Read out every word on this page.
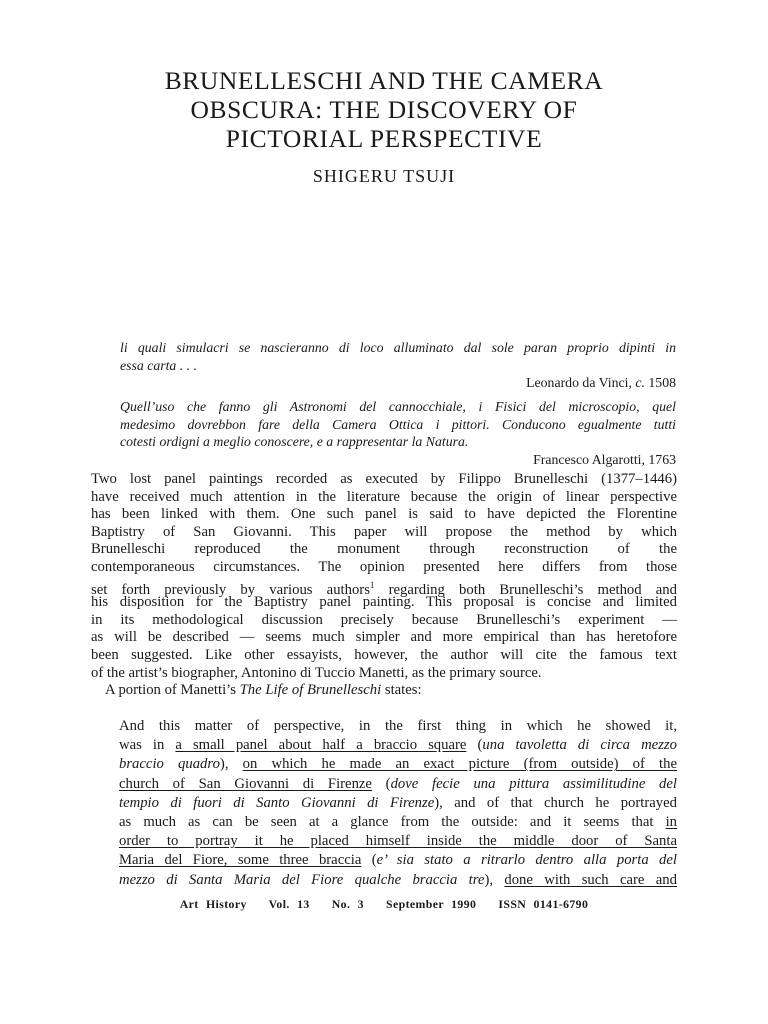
BRUNELLESCHI AND THE CAMERA
OBSCURA: THE DISCOVERY OF
PICTORIAL PERSPECTIVE
SHIGERU TSUJI
li quali simulacri se nascieranno di loco alluminato dal sole paran proprio dipinti in
essa carta . . .
Leonardo da Vinci, c. 1508
Quell’uso che fanno gli Astronomi del cannocchiale, i Fisici del microscopio, quel
medesimo dovrebbon fare della Camera Ottica i pittori. Conducono egualmente tutti
cotesti ordigni a meglio conoscere, e a rappresentar la Natura.
Francesco Algarotti, 1763
Two lost panel paintings recorded as executed by Filippo Brunelleschi (1377–1446)
have received much attention in the literature because the origin of linear perspective
has been linked with them. One such panel is said to have depicted the Florentine
Baptistry of San Giovanni. This paper will propose the method by which
Brunelleschi reproduced the monument through reconstruction of the
contemporaneous circumstances. The opinion presented here differs from those
set forth previously by various authors$^1$ regarding both Brunelleschi’s method and
his disposition for the Baptistry panel painting. This proposal is concise and limited
in its methodological discussion precisely because Brunelleschi’s experiment —
as will be described — seems much simpler and more empirical than has heretofore
been suggested. Like other essayists, however, the author will cite the famous text
of the artist’s biographer, Antonino di Tuccio Manetti, as the primary source.
A portion of Manetti’s The Life of Brunelleschi states:
And this matter of perspective, in the first thing in which he showed it,
was in a small panel about half a braccio square (una tavoletta di circa mezzo
braccio quadro), on which he made an exact picture (from outside) of the
church of San Giovanni di Firenze (dove fecie una pittura assimilitudine del
tempio di fuori di Santo Giovanni di Firenze), and of that church he portrayed
as much as can be seen at a glance from the outside: and it seems that in
order to portray it he placed himself inside the middle door of Santa
Maria del Fiore, some three braccia (e’ sia stato a ritrarlo dentro alla porta del
mezzo di Santa Maria del Fiore qualche braccia tre), done with such care and
Art History   Vol. 13   No. 3   September 1990   ISSN 0141-6790
